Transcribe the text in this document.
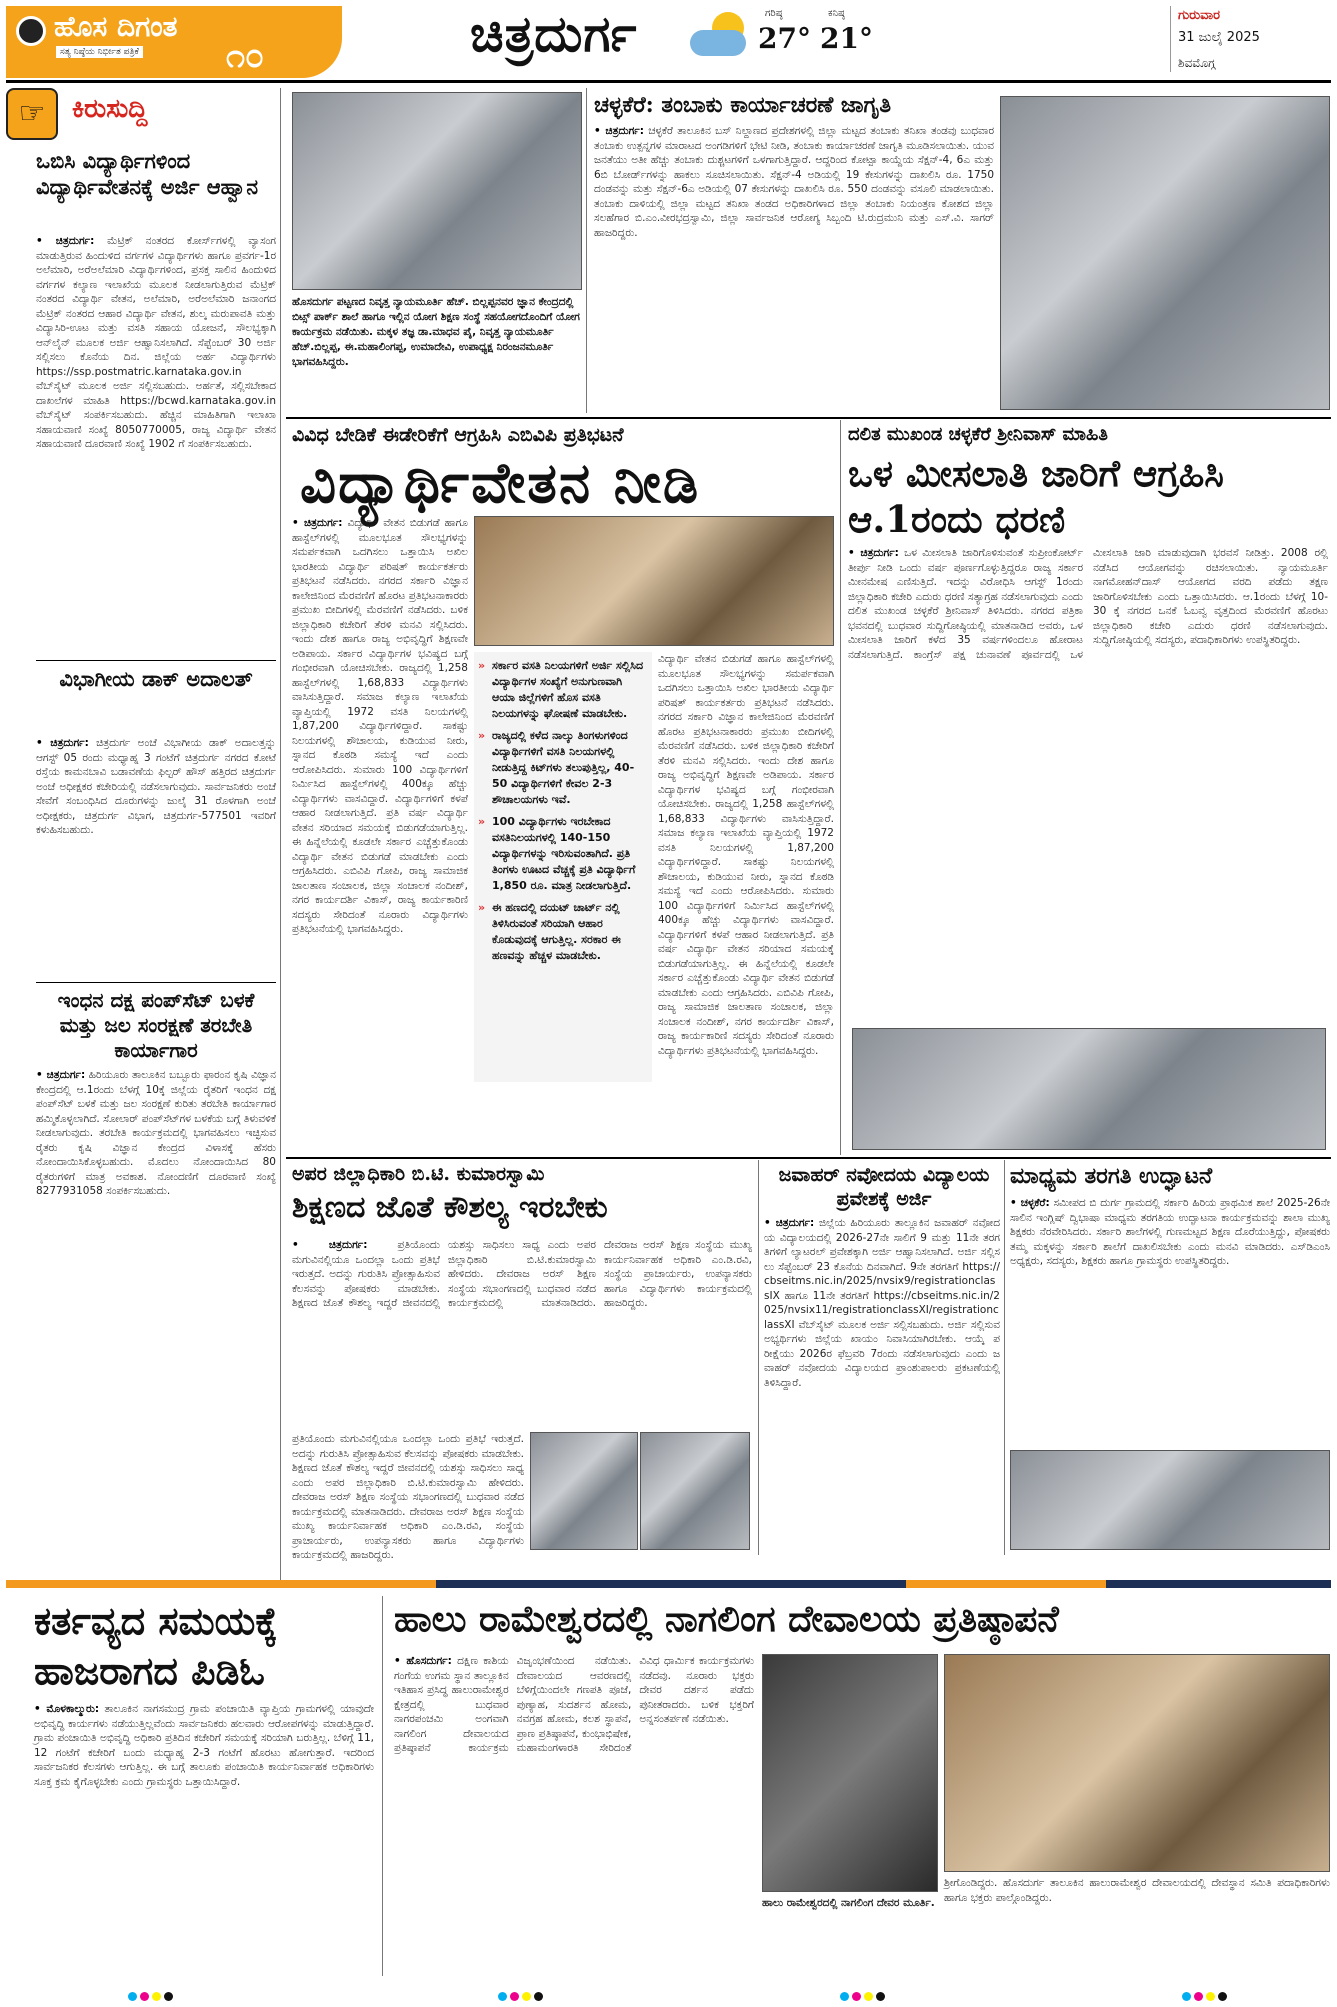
ಹೊಸ ದಿಗಂತ
ಸತ್ಯ ನಿಷ್ಠೆಯ ನಿರ್ಭೀತ ಪತ್ರಿಕೆ	೧೦	ಚಿತ್ರದುರ್ಗ	ಗರಿಷ್ಠ
27°
ಕನಿಷ್ಠ
21°
ಗುರುವಾರ
31 ಜುಲೈ 2025
ಶಿವಮೊಗ್ಗ
☞	ಕಿರುಸುದ್ದಿ
ಒಬಿಸಿ ವಿದ್ಯಾರ್ಥಿಗಳಿಂದ ವಿದ್ಯಾರ್ಥಿವೇತನಕ್ಕೆ ಅರ್ಜಿ ಆಹ್ವಾನ
• ಚಿತ್ರದುರ್ಗ: ಮೆಟ್ರಿಕ್ ನಂತರದ ಕೋರ್ಸ್‌ಗಳಲ್ಲಿ ವ್ಯಾಸಂಗ ಮಾಡುತ್ತಿರುವ ಹಿಂದುಳಿದ ವರ್ಗಗಳ ವಿದ್ಯಾರ್ಥಿಗಳು ಹಾಗೂ ಪ್ರವರ್ಗ-1ರ ಅಲೆಮಾರಿ, ಅರೆಅಲೆಮಾರಿ ವಿದ್ಯಾರ್ಥಿಗಳಿಂದ, ಪ್ರಸಕ್ತ ಸಾಲಿನ ಹಿಂದುಳಿದ ವರ್ಗಗಳ ಕಲ್ಯಾಣ ಇಲಾಖೆಯ ಮೂಲಕ ನೀಡಲಾಗುತ್ತಿರುವ ಮೆಟ್ರಿಕ್ ನಂತರದ ವಿದ್ಯಾರ್ಥಿ ವೇತನ, ಅಲೆಮಾರಿ, ಅರೆಅಲೆಮಾರಿ ಜನಾಂಗದ ಮೆಟ್ರಿಕ್ ನಂತರದ ಆಹಾರ ವಿದ್ಯಾರ್ಥಿ ವೇತನ, ಶುಲ್ಕ ಮರುಪಾವತಿ ಮತ್ತು ವಿದ್ಯಾಸಿರಿ-ಊಟ ಮತ್ತು ವಸತಿ ಸಹಾಯ ಯೋಜನೆ, ಸೌಲಭ್ಯಕ್ಕಾಗಿ ಆನ್‌ಲೈನ್ ಮೂಲಕ ಅರ್ಜಿ ಆಹ್ವಾನಿಸಲಾಗಿದೆ. ಸೆಪ್ಟೆಂಬರ್ 30 ಅರ್ಜಿ ಸಲ್ಲಿಸಲು ಕೊನೆಯ ದಿನ. ಜಿಲ್ಲೆಯ ಅರ್ಹ ವಿದ್ಯಾರ್ಥಿಗಳು https://ssp.postmatric.karnataka.gov.in ವೆಬ್‌ಸೈಟ್ ಮೂಲಕ ಅರ್ಜಿ ಸಲ್ಲಿಸಬಹುದು. ಅರ್ಹತೆ, ಸಲ್ಲಿಸಬೇಕಾದ ದಾಖಲೆಗಳ ಮಾಹಿತಿ https://bcwd.karnataka.gov.in ವೆಬ್‌ಸೈಟ್ ಸಂಪರ್ಕಿಸಬಹುದು. ಹೆಚ್ಚಿನ ಮಾಹಿತಿಗಾಗಿ ಇಲಾಖಾ ಸಹಾಯವಾಣಿ ಸಂಖ್ಯೆ 8050770005, ರಾಜ್ಯ ವಿದ್ಯಾರ್ಥಿ ವೇತನ ಸಹಾಯವಾಣಿ ದೂರವಾಣಿ ಸಂಖ್ಯೆ 1902 ಗೆ ಸಂಪರ್ಕಿಸಬಹುದು.
ವಿಭಾಗೀಯ ಡಾಕ್ ಅದಾಲತ್
• ಚಿತ್ರದುರ್ಗ: ಚಿತ್ರದುರ್ಗ ಅಂಚೆ ವಿಭಾಗೀಯ ಡಾಕ್ ಅದಾಲತ್ತನ್ನು ಆಗಸ್ಟ್ 05 ರಂದು ಮಧ್ಯಾಹ್ನ 3 ಗಂಟೆಗೆ ಚಿತ್ರದುರ್ಗ ನಗರದ ಕೋಟೆ ರಸ್ತೆಯ ಕಾಮನಬಾವಿ ಬಡಾವಣೆಯ ಫಿಲ್ಟರ್ ಹೌಸ್ ಹತ್ತಿರದ ಚಿತ್ರದುರ್ಗ ಅಂಚೆ ಅಧೀಕ್ಷಕರ ಕಚೇರಿಯಲ್ಲಿ ನಡೆಸಲಾಗುವುದು. ಸಾರ್ವಜನಿಕರು ಅಂಚೆ ಸೇವೆಗೆ ಸಂಬಂಧಿಸಿದ ದೂರುಗಳನ್ನು ಜುಲೈ 31 ರೊಳಗಾಗಿ ಅಂಚೆ ಅಧೀಕ್ಷಕರು, ಚಿತ್ರದುರ್ಗ ವಿಭಾಗ, ಚಿತ್ರದುರ್ಗ-577501 ಇವರಿಗೆ ಕಳುಹಿಸಬಹುದು.
ಇಂಧನ ದಕ್ಷ ಪಂಪ್‌ಸೆಟ್ ಬಳಕೆ ಮತ್ತು ಜಲ ಸಂರಕ್ಷಣೆ ತರಬೇತಿ ಕಾರ್ಯಾಗಾರ
• ಚಿತ್ರದುರ್ಗ: ಹಿರಿಯೂರು ತಾಲೂಕಿನ ಬಬ್ಬೂರು ಫಾರಂನ ಕೃಷಿ ವಿಜ್ಞಾನ ಕೇಂದ್ರದಲ್ಲಿ ಆ.1ರಂದು ಬೆಳಗ್ಗೆ 10ಕ್ಕೆ ಜಿಲ್ಲೆಯ ರೈತರಿಗೆ ಇಂಧನ ದಕ್ಷ ಪಂಪ್‌ಸೆಟ್ ಬಳಕೆ ಮತ್ತು ಜಲ ಸಂರಕ್ಷಣೆ ಕುರಿತು ತರಬೇತಿ ಕಾರ್ಯಾಗಾರ ಹಮ್ಮಿಕೊಳ್ಳಲಾಗಿದೆ. ಸೋಲಾರ್ ಪಂಪ್‌ಸೆಟ್‌ಗಳ ಬಳಕೆಯ ಬಗ್ಗೆ ತಿಳುವಳಿಕೆ ನೀಡಲಾಗುವುದು. ತರಬೇತಿ ಕಾರ್ಯಕ್ರಮದಲ್ಲಿ ಭಾಗವಹಿಸಲು ಇಚ್ಛಿಸುವ ರೈತರು ಕೃಷಿ ವಿಜ್ಞಾನ ಕೇಂದ್ರದ ವಿಳಾಸಕ್ಕೆ ಹೆಸರು ನೋಂದಾಯಿಸಿಕೊಳ್ಳಬಹುದು. ಮೊದಲು ನೋಂದಾಯಿಸಿದ 80 ರೈತರುಗಳಿಗೆ ಮಾತ್ರ ಅವಕಾಶ. ನೋಂದಣಿಗೆ ದೂರವಾಣಿ ಸಂಖ್ಯೆ 8277931058 ಸಂಪರ್ಕಿಸಬಹುದು.
ಹೊಸದುರ್ಗ ಪಟ್ಟಣದ ನಿವೃತ್ತ ನ್ಯಾಯಮೂರ್ತಿ ಹೆಚ್. ಬಿಲ್ಲಪ್ಪನವರ ಜ್ಞಾನ ಕೇಂದ್ರದಲ್ಲಿ ಬಿಟ್ಸ್ ಪಾರ್ಕ್ ಶಾಲೆ ಹಾಗೂ ಇಲ್ಲಿನ ಯೋಗ ಶಿಕ್ಷಣ ಸಂಸ್ಥೆ ಸಹಯೋಗದೊಂದಿಗೆ ಯೋಗ ಕಾರ್ಯಕ್ರಮ ನಡೆಯಿತು. ಮಕ್ಕಳ ತಜ್ಞ ಡಾ.ಮಾಧವ ಪೈ, ನಿವೃತ್ತ ನ್ಯಾಯಮೂರ್ತಿ ಹೆಚ್.ಬಿಲ್ಲಪ್ಪ, ಈ.ಮಹಾಲಿಂಗಪ್ಪ, ಉಮಾದೇವಿ, ಉಪಾಧ್ಯಕ್ಷ ನಿರಂಜನಮೂರ್ತಿ ಭಾಗವಹಿಸಿದ್ದರು.
ಚಳ್ಳಕೆರೆ: ತಂಬಾಕು ಕಾರ್ಯಾಚರಣೆ ಜಾಗೃತಿ
• ಚಿತ್ರದುರ್ಗ: ಚಳ್ಳಕೆರೆ ತಾಲೂಕಿನ ಬಸ್ ನಿಲ್ದಾಣದ ಪ್ರದೇಶಗಳಲ್ಲಿ ಜಿಲ್ಲಾ ಮಟ್ಟದ ತಂಬಾಕು ತನಿಖಾ ತಂಡವು ಬುಧವಾರ ತಂಬಾಕು ಉತ್ಪನ್ನಗಳ ಮಾರಾಟದ ಅಂಗಡಿಗಳಿಗೆ ಭೇಟಿ ನೀಡಿ, ತಂಬಾಕು ಕಾರ್ಯಾಚರಣೆ ಜಾಗೃತಿ ಮೂಡಿಸಲಾಯಿತು. ಯುವ ಜನತೆಯು ಅತೀ ಹೆಚ್ಚು ತಂಬಾಕು ದುಶ್ಚಟಗಳಿಗೆ ಒಳಗಾಗುತ್ತಿದ್ದಾರೆ. ಆದ್ದರಿಂದ ಕೋಟ್ಪಾ ಕಾಯ್ದೆಯ ಸೆಕ್ಷನ್-4, 6ಎ ಮತ್ತು 6ಬಿ ಬೋರ್ಡ್‌ಗಳನ್ನು ಹಾಕಲು ಸೂಚಿಸಲಾಯಿತು. ಸೆಕ್ಷನ್-4 ಅಡಿಯಲ್ಲಿ 19 ಕೇಸುಗಳನ್ನು ದಾಖಲಿಸಿ ರೂ. 1750 ದಂಡವನ್ನು ಮತ್ತು ಸೆಕ್ಷನ್-6ಎ ಅಡಿಯಲ್ಲಿ 07 ಕೇಸುಗಳನ್ನು ದಾಖಲಿಸಿ ರೂ. 550 ದಂಡವನ್ನು ವಸೂಲಿ ಮಾಡಲಾಯಿತು. ತಂಬಾಕು ದಾಳಿಯಲ್ಲಿ ಜಿಲ್ಲಾ ಮಟ್ಟದ ತನಿಖಾ ತಂಡದ ಅಧಿಕಾರಿಗಳಾದ ಜಿಲ್ಲಾ ತಂಬಾಕು ನಿಯಂತ್ರಣ ಕೋಶದ ಜಿಲ್ಲಾ ಸಲಹೆಗಾರ ಬಿ.ಎಂ.ವೀರಭದ್ರಸ್ವಾಮಿ, ಜಿಲ್ಲಾ ಸಾರ್ವಜನಿಕ ಆರೋಗ್ಯ ಸಿಬ್ಬಂದಿ ಟಿ.ರುದ್ರಮುನಿ ಮತ್ತು ಎಸ್.ವಿ. ಸಾಗರ್ ಹಾಜರಿದ್ದರು.
ವಿವಿಧ ಬೇಡಿಕೆ ಈಡೇರಿಕೆಗೆ ಆಗ್ರಹಿಸಿ ಎಬಿವಿಪಿ ಪ್ರತಿಭಟನೆ
ವಿದ್ಯಾರ್ಥಿವೇತನ ನೀಡಿ
• ಚಿತ್ರದುರ್ಗ: ವಿದ್ಯಾರ್ಥಿ ವೇತನ ಬಿಡುಗಡೆ ಹಾಗೂ ಹಾಸ್ಟೆಲ್‌ಗಳಲ್ಲಿ ಮೂಲಭೂತ ಸೌಲಭ್ಯಗಳನ್ನು ಸಮರ್ಪಕವಾಗಿ ಒದಗಿಸಲು ಒತ್ತಾಯಿಸಿ ಅಖಿಲ ಭಾರತೀಯ ವಿದ್ಯಾರ್ಥಿ ಪರಿಷತ್ ಕಾರ್ಯಕರ್ತರು ಪ್ರತಿಭಟನೆ ನಡೆಸಿದರು. ನಗರದ ಸರ್ಕಾರಿ ವಿಜ್ಞಾನ ಕಾಲೇಜಿನಿಂದ ಮೆರವಣಿಗೆ ಹೊರಟ ಪ್ರತಿಭಟನಾಕಾರರು ಪ್ರಮುಖ ಬೀದಿಗಳಲ್ಲಿ ಮೆರವಣಿಗೆ ನಡೆಸಿದರು. ಬಳಿಕ ಜಿಲ್ಲಾಧಿಕಾರಿ ಕಚೇರಿಗೆ ತೆರಳಿ ಮನವಿ ಸಲ್ಲಿಸಿದರು. ಇಂದು ದೇಶ ಹಾಗೂ ರಾಜ್ಯ ಅಭಿವೃದ್ಧಿಗೆ ಶಿಕ್ಷಣವೇ ಅಡಿಪಾಯ. ಸರ್ಕಾರ ವಿದ್ಯಾರ್ಥಿಗಳ ಭವಿಷ್ಯದ ಬಗ್ಗೆ ಗಂಭೀರವಾಗಿ ಯೋಚಿಸಬೇಕು. ರಾಜ್ಯದಲ್ಲಿ 1,258 ಹಾಸ್ಟೆಲ್‌ಗಳಲ್ಲಿ 1,68,833 ವಿದ್ಯಾರ್ಥಿಗಳು ವಾಸಿಸುತ್ತಿದ್ದಾರೆ. ಸಮಾಜ ಕಲ್ಯಾಣ ಇಲಾಖೆಯ ವ್ಯಾಪ್ತಿಯಲ್ಲಿ 1972 ವಸತಿ ನಿಲಯಗಳಲ್ಲಿ 1,87,200 ವಿದ್ಯಾರ್ಥಿಗಳಿದ್ದಾರೆ. ಸಾಕಷ್ಟು ನಿಲಯಗಳಲ್ಲಿ ಶೌಚಾಲಯ, ಕುಡಿಯುವ ನೀರು, ಸ್ನಾನದ ಕೊಠಡಿ ಸಮಸ್ಯೆ ಇದೆ ಎಂದು ಆರೋಪಿಸಿದರು. ಸುಮಾರು 100 ವಿದ್ಯಾರ್ಥಿಗಳಿಗೆ ನಿರ್ಮಿಸಿದ ಹಾಸ್ಟೆಲ್‌ಗಳಲ್ಲಿ 400ಕ್ಕೂ ಹೆಚ್ಚು ವಿದ್ಯಾರ್ಥಿಗಳು ವಾಸವಿದ್ದಾರೆ. ವಿದ್ಯಾರ್ಥಿಗಳಿಗೆ ಕಳಪೆ ಆಹಾರ ನೀಡಲಾಗುತ್ತಿದೆ. ಪ್ರತಿ ವರ್ಷ ವಿದ್ಯಾರ್ಥಿ ವೇತನ ಸರಿಯಾದ ಸಮಯಕ್ಕೆ ಬಿಡುಗಡೆಯಾಗುತ್ತಿಲ್ಲ. ಈ ಹಿನ್ನೆಲೆಯಲ್ಲಿ ಕೂಡಲೇ ಸರ್ಕಾರ ಎಚ್ಚೆತ್ತುಕೊಂಡು ವಿದ್ಯಾರ್ಥಿ ವೇತನ ಬಿಡುಗಡೆ ಮಾಡಬೇಕು ಎಂದು ಆಗ್ರಹಿಸಿದರು. ಎಬಿವಿಪಿ ಗೋಪಿ, ರಾಜ್ಯ ಸಾಮಾಜಿಕ ಜಾಲತಾಣ ಸಂಚಾಲಕ, ಜಿಲ್ಲಾ ಸಂಚಾಲಕ ನಂದೀಶ್, ನಗರ ಕಾರ್ಯದರ್ಶಿ ವಿಕಾಸ್, ರಾಜ್ಯ ಕಾರ್ಯಕಾರಿಣಿ ಸದಸ್ಯರು ಸೇರಿದಂತೆ ನೂರಾರು ವಿದ್ಯಾರ್ಥಿಗಳು ಪ್ರತಿಭಟನೆಯಲ್ಲಿ ಭಾಗವಹಿಸಿದ್ದರು.
» ಸರ್ಕಾರ ವಸತಿ ನಿಲಯಗಳಿಗೆ ಅರ್ಜಿ ಸಲ್ಲಿಸಿದ ವಿದ್ಯಾರ್ಥಿಗಳ ಸಂಖ್ಯೆಗೆ ಅನುಗುಣವಾಗಿ ಆಯಾ ಜಿಲ್ಲೆಗಳಿಗೆ ಹೊಸ ವಸತಿ ನಿಲಯಗಳನ್ನು ಘೋಷಣೆ ಮಾಡಬೇಕು.
» ರಾಜ್ಯದಲ್ಲಿ ಕಳೆದ ನಾಲ್ಕು ತಿಂಗಳುಗಳಿಂದ ವಿದ್ಯಾರ್ಥಿಗಳಿಗೆ ವಸತಿ ನಿಲಯಗಳಲ್ಲಿ ನೀಡುತ್ತಿದ್ದ ಕಿಟ್‌ಗಳು ತಲುಪುತ್ತಿಲ್ಲ, 40-50 ವಿದ್ಯಾರ್ಥಿಗಳಿಗೆ ಕೇವಲ 2-3 ಶೌಚಾಲಯಗಳು ಇವೆ.
» 100 ವಿದ್ಯಾರ್ಥಿಗಳು ಇರಬೇಕಾದ ವಸತಿನಿಲಯಗಳಲ್ಲಿ 140-150 ವಿದ್ಯಾರ್ಥಿಗಳನ್ನು ಇರಿಸುವಂತಾಗಿದೆ. ಪ್ರತಿ ತಿಂಗಳು ಊಟದ ವೆಚ್ಚಕ್ಕೆ ಪ್ರತಿ ವಿದ್ಯಾರ್ಥಿಗೆ 1,850 ರೂ. ಮಾತ್ರ ನೀಡಲಾಗುತ್ತಿದೆ.
» ಈ ಹಣದಲ್ಲಿ ದಯಟ್ ಚಾರ್ಟ್ ನಲ್ಲಿ ತಿಳಿಸಿರುವಂತೆ ಸರಿಯಾಗಿ ಆಹಾರ ಕೊಡುವುದಕ್ಕೆ ಆಗುತ್ತಿಲ್ಲ. ಸರಕಾರ ಈ ಹಣವನ್ನು ಹೆಚ್ಚಳ ಮಾಡಬೇಕು.
ವಿದ್ಯಾರ್ಥಿ ವೇತನ ಬಿಡುಗಡೆ ಹಾಗೂ ಹಾಸ್ಟೆಲ್‌ಗಳಲ್ಲಿ ಮೂಲಭೂತ ಸೌಲಭ್ಯಗಳನ್ನು ಸಮರ್ಪಕವಾಗಿ ಒದಗಿಸಲು ಒತ್ತಾಯಿಸಿ ಅಖಿಲ ಭಾರತೀಯ ವಿದ್ಯಾರ್ಥಿ ಪರಿಷತ್ ಕಾರ್ಯಕರ್ತರು ಪ್ರತಿಭಟನೆ ನಡೆಸಿದರು. ನಗರದ ಸರ್ಕಾರಿ ವಿಜ್ಞಾನ ಕಾಲೇಜಿನಿಂದ ಮೆರವಣಿಗೆ ಹೊರಟ ಪ್ರತಿಭಟನಾಕಾರರು ಪ್ರಮುಖ ಬೀದಿಗಳಲ್ಲಿ ಮೆರವಣಿಗೆ ನಡೆಸಿದರು. ಬಳಿಕ ಜಿಲ್ಲಾಧಿಕಾರಿ ಕಚೇರಿಗೆ ತೆರಳಿ ಮನವಿ ಸಲ್ಲಿಸಿದರು. ಇಂದು ದೇಶ ಹಾಗೂ ರಾಜ್ಯ ಅಭಿವೃದ್ಧಿಗೆ ಶಿಕ್ಷಣವೇ ಅಡಿಪಾಯ. ಸರ್ಕಾರ ವಿದ್ಯಾರ್ಥಿಗಳ ಭವಿಷ್ಯದ ಬಗ್ಗೆ ಗಂಭೀರವಾಗಿ ಯೋಚಿಸಬೇಕು. ರಾಜ್ಯದಲ್ಲಿ 1,258 ಹಾಸ್ಟೆಲ್‌ಗಳಲ್ಲಿ 1,68,833 ವಿದ್ಯಾರ್ಥಿಗಳು ವಾಸಿಸುತ್ತಿದ್ದಾರೆ. ಸಮಾಜ ಕಲ್ಯಾಣ ಇಲಾಖೆಯ ವ್ಯಾಪ್ತಿಯಲ್ಲಿ 1972 ವಸತಿ ನಿಲಯಗಳಲ್ಲಿ 1,87,200 ವಿದ್ಯಾರ್ಥಿಗಳಿದ್ದಾರೆ. ಸಾಕಷ್ಟು ನಿಲಯಗಳಲ್ಲಿ ಶೌಚಾಲಯ, ಕುಡಿಯುವ ನೀರು, ಸ್ನಾನದ ಕೊಠಡಿ ಸಮಸ್ಯೆ ಇದೆ ಎಂದು ಆರೋಪಿಸಿದರು. ಸುಮಾರು 100 ವಿದ್ಯಾರ್ಥಿಗಳಿಗೆ ನಿರ್ಮಿಸಿದ ಹಾಸ್ಟೆಲ್‌ಗಳಲ್ಲಿ 400ಕ್ಕೂ ಹೆಚ್ಚು ವಿದ್ಯಾರ್ಥಿಗಳು ವಾಸವಿದ್ದಾರೆ. ವಿದ್ಯಾರ್ಥಿಗಳಿಗೆ ಕಳಪೆ ಆಹಾರ ನೀಡಲಾಗುತ್ತಿದೆ. ಪ್ರತಿ ವರ್ಷ ವಿದ್ಯಾರ್ಥಿ ವೇತನ ಸರಿಯಾದ ಸಮಯಕ್ಕೆ ಬಿಡುಗಡೆಯಾಗುತ್ತಿಲ್ಲ. ಈ ಹಿನ್ನೆಲೆಯಲ್ಲಿ ಕೂಡಲೇ ಸರ್ಕಾರ ಎಚ್ಚೆತ್ತುಕೊಂಡು ವಿದ್ಯಾರ್ಥಿ ವೇತನ ಬಿಡುಗಡೆ ಮಾಡಬೇಕು ಎಂದು ಆಗ್ರಹಿಸಿದರು. ಎಬಿವಿಪಿ ಗೋಪಿ, ರಾಜ್ಯ ಸಾಮಾಜಿಕ ಜಾಲತಾಣ ಸಂಚಾಲಕ, ಜಿಲ್ಲಾ ಸಂಚಾಲಕ ನಂದೀಶ್, ನಗರ ಕಾರ್ಯದರ್ಶಿ ವಿಕಾಸ್, ರಾಜ್ಯ ಕಾರ್ಯಕಾರಿಣಿ ಸದಸ್ಯರು ಸೇರಿದಂತೆ ನೂರಾರು ವಿದ್ಯಾರ್ಥಿಗಳು ಪ್ರತಿಭಟನೆಯಲ್ಲಿ ಭಾಗವಹಿಸಿದ್ದರು.
ದಲಿತ ಮುಖಂಡ ಚಳ್ಳಕೆರೆ ಶ್ರೀನಿವಾಸ್ ಮಾಹಿತಿ
ಒಳ ಮೀಸಲಾತಿ ಜಾರಿಗೆ ಆಗ್ರಹಿಸಿ ಆ.1ರಂದು ಧರಣಿ
• ಚಿತ್ರದುರ್ಗ: ಒಳ ಮೀಸಲಾತಿ ಜಾರಿಗೊಳಿಸುವಂತೆ ಸುಪ್ರೀಂಕೋರ್ಟ್ ತೀರ್ಪು ನೀಡಿ ಒಂದು ವರ್ಷ ಪೂರ್ಣಗೊಳ್ಳುತ್ತಿದ್ದರೂ ರಾಜ್ಯ ಸರ್ಕಾರ ಮೀನಮೇಷ ಎಣಿಸುತ್ತಿದೆ. ಇದನ್ನು ವಿರೋಧಿಸಿ ಆಗಸ್ಟ್ 1ರಂದು ಜಿಲ್ಲಾಧಿಕಾರಿ ಕಚೇರಿ ಎದುರು ಧರಣಿ ಸತ್ಯಾಗ್ರಹ ನಡೆಸಲಾಗುವುದು ಎಂದು ದಲಿತ ಮುಖಂಡ ಚಳ್ಳಕೆರೆ ಶ್ರೀನಿವಾಸ್ ತಿಳಿಸಿದರು. ನಗರದ ಪತ್ರಿಕಾ ಭವನದಲ್ಲಿ ಬುಧವಾರ ಸುದ್ದಿಗೋಷ್ಠಿಯಲ್ಲಿ ಮಾತನಾಡಿದ ಅವರು, ಒಳ ಮೀಸಲಾತಿ ಜಾರಿಗೆ ಕಳೆದ 35 ವರ್ಷಗಳಿಂದಲೂ ಹೋರಾಟ ನಡೆಸಲಾಗುತ್ತಿದೆ. ಕಾಂಗ್ರೆಸ್ ಪಕ್ಷ ಚುನಾವಣೆ ಪೂರ್ವದಲ್ಲಿ ಒಳ ಮೀಸಲಾತಿ ಜಾರಿ ಮಾಡುವುದಾಗಿ ಭರವಸೆ ನೀಡಿತ್ತು. 2008 ರಲ್ಲಿ ನಡೆಸಿದ ಆಯೋಗವನ್ನು ರಚಿಸಲಾಯಿತು. ನ್ಯಾಯಮೂರ್ತಿ ನಾಗಮೋಹನ್‌ದಾಸ್ ಆಯೋಗದ ವರದಿ ಪಡೆದು ತಕ್ಷಣ ಜಾರಿಗೊಳಿಸಬೇಕು ಎಂದು ಒತ್ತಾಯಿಸಿದರು. ಆ.1ರಂದು ಬೆಳಗ್ಗೆ 10-30 ಕ್ಕೆ ನಗರದ ಒನಕೆ ಓಬವ್ವ ವೃತ್ತದಿಂದ ಮೆರವಣಿಗೆ ಹೊರಟು ಜಿಲ್ಲಾಧಿಕಾರಿ ಕಚೇರಿ ಎದುರು ಧರಣಿ ನಡೆಸಲಾಗುವುದು. ಸುದ್ದಿಗೋಷ್ಠಿಯಲ್ಲಿ ಸದಸ್ಯರು, ಪದಾಧಿಕಾರಿಗಳು ಉಪಸ್ಥಿತರಿದ್ದರು.
ಅಪರ ಜಿಲ್ಲಾಧಿಕಾರಿ ಬಿ.ಟಿ. ಕುಮಾರಸ್ವಾಮಿ
ಶಿಕ್ಷಣದ ಜೊತೆ ಕೌಶಲ್ಯ ಇರಬೇಕು
• ಚಿತ್ರದುರ್ಗ:	ಪ್ರತಿಯೊಂದು ಮಗುವಿನಲ್ಲಿಯೂ ಒಂದಲ್ಲಾ ಒಂದು ಪ್ರತಿಭೆ ಇರುತ್ತದೆ. ಅದನ್ನು ಗುರುತಿಸಿ ಪ್ರೋತ್ಸಾಹಿಸುವ ಕೆಲಸವನ್ನು ಪೋಷಕರು ಮಾಡಬೇಕು. ಶಿಕ್ಷಣದ ಜೊತೆ ಕೌಶಲ್ಯ ಇದ್ದರೆ ಜೀವನದಲ್ಲಿ ಯಶಸ್ಸು ಸಾಧಿಸಲು ಸಾಧ್ಯ ಎಂದು ಅಪರ ಜಿಲ್ಲಾಧಿಕಾರಿ ಬಿ.ಟಿ.ಕುಮಾರಸ್ವಾಮಿ ಹೇಳಿದರು. ದೇವರಾಜ ಅರಸ್ ಶಿಕ್ಷಣ ಸಂಸ್ಥೆಯ ಸಭಾಂಗಣದಲ್ಲಿ ಬುಧವಾರ ನಡೆದ ಕಾರ್ಯಕ್ರಮದಲ್ಲಿ ಮಾತನಾಡಿದರು. ದೇವರಾಜ ಅರಸ್ ಶಿಕ್ಷಣ ಸಂಸ್ಥೆಯ ಮುಖ್ಯ ಕಾರ್ಯನಿರ್ವಾಹಕ ಅಧಿಕಾರಿ ಎಂ.ಡಿ.ರವಿ, ಸಂಸ್ಥೆಯ ಪ್ರಾಚಾರ್ಯರು, ಉಪನ್ಯಾಸಕರು ಹಾಗೂ ವಿದ್ಯಾರ್ಥಿಗಳು ಕಾರ್ಯಕ್ರಮದಲ್ಲಿ ಹಾಜರಿದ್ದರು.
ಪ್ರತಿಯೊಂದು ಮಗುವಿನಲ್ಲಿಯೂ ಒಂದಲ್ಲಾ ಒಂದು ಪ್ರತಿಭೆ ಇರುತ್ತದೆ. ಅದನ್ನು ಗುರುತಿಸಿ ಪ್ರೋತ್ಸಾಹಿಸುವ ಕೆಲಸವನ್ನು ಪೋಷಕರು ಮಾಡಬೇಕು. ಶಿಕ್ಷಣದ ಜೊತೆ ಕೌಶಲ್ಯ ಇದ್ದರೆ ಜೀವನದಲ್ಲಿ ಯಶಸ್ಸು ಸಾಧಿಸಲು ಸಾಧ್ಯ ಎಂದು ಅಪರ ಜಿಲ್ಲಾಧಿಕಾರಿ ಬಿ.ಟಿ.ಕುಮಾರಸ್ವಾಮಿ ಹೇಳಿದರು. ದೇವರಾಜ ಅರಸ್ ಶಿಕ್ಷಣ ಸಂಸ್ಥೆಯ ಸಭಾಂಗಣದಲ್ಲಿ ಬುಧವಾರ ನಡೆದ ಕಾರ್ಯಕ್ರಮದಲ್ಲಿ ಮಾತನಾಡಿದರು. ದೇವರಾಜ ಅರಸ್ ಶಿಕ್ಷಣ ಸಂಸ್ಥೆಯ ಮುಖ್ಯ ಕಾರ್ಯನಿರ್ವಾಹಕ ಅಧಿಕಾರಿ ಎಂ.ಡಿ.ರವಿ, ಸಂಸ್ಥೆಯ ಪ್ರಾಚಾರ್ಯರು, ಉಪನ್ಯಾಸಕರು ಹಾಗೂ ವಿದ್ಯಾರ್ಥಿಗಳು ಕಾರ್ಯಕ್ರಮದಲ್ಲಿ ಹಾಜರಿದ್ದರು.
ಜವಾಹರ್ ನವೋದಯ ವಿದ್ಯಾಲಯ ಪ್ರವೇಶಕ್ಕೆ ಅರ್ಜಿ
• ಚಿತ್ರದುರ್ಗ: ಜಿಲ್ಲೆಯ ಹಿರಿಯೂರು ತಾಲ್ಲೂಕಿನ ಜವಾಹರ್ ನವೋದಯ ವಿದ್ಯಾಲಯದಲ್ಲಿ 2026-27ನೇ ಸಾಲಿಗೆ 9 ಮತ್ತು 11ನೇ ತರಗತಿಗಳಿಗೆ ಲ್ಯಾಟರಲ್ ಪ್ರವೇಶಕ್ಕಾಗಿ ಅರ್ಜಿ ಆಹ್ವಾನಿಸಲಾಗಿದೆ. ಅರ್ಜಿ ಸಲ್ಲಿಸಲು ಸೆಪ್ಟೆಂಬರ್ 23 ಕೊನೆಯ ದಿನವಾಗಿದೆ. 9ನೇ ತರಗತಿಗೆ https://cbseitms.nic.in/2025/nvsix9/registrationclassIX ಹಾಗೂ 11ನೇ ತರಗತಿಗೆ https://cbseitms.nic.in/2025/nvsix11/registrationclassXI/registrationclassXI ವೆಬ್‌ಸೈಟ್ ಮೂಲಕ ಅರ್ಜಿ ಸಲ್ಲಿಸಬಹುದು. ಅರ್ಜಿ ಸಲ್ಲಿಸುವ ಅಭ್ಯರ್ಥಿಗಳು ಜಿಲ್ಲೆಯ ಖಾಯಂ ನಿವಾಸಿಯಾಗಿರಬೇಕು. ಆಯ್ಕೆ ಪರೀಕ್ಷೆಯು 2026ರ ಫೆಬ್ರವರಿ 7ರಂದು ನಡೆಸಲಾಗುವುದು ಎಂದು ಜವಾಹರ್ ನವೋದಯ ವಿದ್ಯಾಲಯದ ಪ್ರಾಂಶುಪಾಲರು ಪ್ರಕಟಣೆಯಲ್ಲಿ ತಿಳಿಸಿದ್ದಾರೆ.
ಮಾಧ್ಯಮ ತರಗತಿ ಉದ್ಘಾಟನೆ
• ಚಳ್ಳಕೆರೆ: ಸಮೀಪದ ಬಿ ದುರ್ಗ ಗ್ರಾಮದಲ್ಲಿ ಸರ್ಕಾರಿ ಹಿರಿಯ ಪ್ರಾಥಮಿಕ ಶಾಲೆ 2025-26ನೇ ಸಾಲಿನ ಇಂಗ್ಲಿಷ್ ದ್ವಿಭಾಷಾ ಮಾಧ್ಯಮ ತರಗತಿಯ ಉದ್ಘಾಟನಾ ಕಾರ್ಯಕ್ರಮವನ್ನು ಶಾಲಾ ಮುಖ್ಯ ಶಿಕ್ಷಕರು ನೆರವೇರಿಸಿದರು. ಸರ್ಕಾರಿ ಶಾಲೆಗಳಲ್ಲಿ ಗುಣಮಟ್ಟದ ಶಿಕ್ಷಣ ದೊರೆಯುತ್ತಿದ್ದು, ಪೋಷಕರು ತಮ್ಮ ಮಕ್ಕಳನ್ನು ಸರ್ಕಾರಿ ಶಾಲೆಗೆ ದಾಖಲಿಸಬೇಕು ಎಂದು ಮನವಿ ಮಾಡಿದರು. ಎಸ್‌ಡಿಎಂಸಿ ಅಧ್ಯಕ್ಷರು, ಸದಸ್ಯರು, ಶಿಕ್ಷಕರು ಹಾಗೂ ಗ್ರಾಮಸ್ಥರು ಉಪಸ್ಥಿತರಿದ್ದರು.
ಕರ್ತವ್ಯದ ಸಮಯಕ್ಕೆ ಹಾಜರಾಗದ ಪಿಡಿಓ
• ಮೊಳಕಾಲ್ಮುರು: ತಾಲೂಕಿನ ನಾಗಸಮುದ್ರ ಗ್ರಾಮ ಪಂಚಾಯಿತಿ ವ್ಯಾಪ್ತಿಯ ಗ್ರಾಮಗಳಲ್ಲಿ ಯಾವುದೇ ಅಭಿವೃದ್ಧಿ ಕಾರ್ಯಗಳು ನಡೆಯುತ್ತಿಲ್ಲವೆಂದು ಸಾರ್ವಜನಿಕರು ಹಲವಾರು ಆರೋಪಗಳನ್ನು ಮಾಡುತ್ತಿದ್ದಾರೆ. ಗ್ರಾಮ ಪಂಚಾಯಿತಿ ಅಭಿವೃದ್ಧಿ ಅಧಿಕಾರಿ ಪ್ರತಿದಿನ ಕಚೇರಿಗೆ ಸಮಯಕ್ಕೆ ಸರಿಯಾಗಿ ಬರುತ್ತಿಲ್ಲ. ಬೆಳಿಗ್ಗೆ 11, 12 ಗಂಟೆಗೆ ಕಚೇರಿಗೆ ಬಂದು ಮಧ್ಯಾಹ್ನ 2-3 ಗಂಟೆಗೆ ಹೊರಟು ಹೋಗುತ್ತಾರೆ. ಇದರಿಂದ ಸಾರ್ವಜನಿಕರ ಕೆಲಸಗಳು ಆಗುತ್ತಿಲ್ಲ. ಈ ಬಗ್ಗೆ ತಾಲೂಕು ಪಂಚಾಯಿತಿ ಕಾರ್ಯನಿರ್ವಾಹಕ ಅಧಿಕಾರಿಗಳು ಸೂಕ್ತ ಕ್ರಮ ಕೈಗೊಳ್ಳಬೇಕು ಎಂದು ಗ್ರಾಮಸ್ಥರು ಒತ್ತಾಯಿಸಿದ್ದಾರೆ.
ಹಾಲು ರಾಮೇಶ್ವರದಲ್ಲಿ ನಾಗಲಿಂಗ ದೇವಾಲಯ ಪ್ರತಿಷ್ಠಾಪನೆ
• ಹೊಸದುರ್ಗ: ದಕ್ಷಿಣ ಕಾಶಿಯ ಗಂಗೆಯ ಉಗಮ ಸ್ಥಾನ ತಾಲ್ಲೂಕಿನ ಇತಿಹಾಸ ಪ್ರಸಿದ್ಧ ಹಾಲುರಾಮೇಶ್ವರ ಕ್ಷೇತ್ರದಲ್ಲಿ ಬುಧವಾರ ನಾಗರಪಂಚಮಿ ಅಂಗವಾಗಿ ನಾಗಲಿಂಗ ದೇವಾಲಯದ ಪ್ರತಿಷ್ಠಾಪನೆ ಕಾರ್ಯಕ್ರಮ ವಿಜೃಂಭಣೆಯಿಂದ ನಡೆಯಿತು. ದೇವಾಲಯದ ಆವರಣದಲ್ಲಿ ಬೆಳಿಗ್ಗೆಯಿಂದಲೇ ಗಣಪತಿ ಪೂಜೆ, ಪುಣ್ಯಾಹ, ಸುದರ್ಶನ ಹೋಮ, ನವಗ್ರಹ ಹೋಮ, ಕಲಶ ಸ್ಥಾಪನೆ, ಪ್ರಾಣ ಪ್ರತಿಷ್ಠಾಪನೆ, ಕುಂಭಾಭಿಷೇಕ, ಮಹಾಮಂಗಳಾರತಿ ಸೇರಿದಂತೆ ವಿವಿಧ ಧಾರ್ಮಿಕ ಕಾರ್ಯಕ್ರಮಗಳು ನಡೆದವು. ನೂರಾರು ಭಕ್ತರು ದೇವರ ದರ್ಶನ ಪಡೆದು ಪುನೀತರಾದರು. ಬಳಿಕ ಭಕ್ತರಿಗೆ ಅನ್ನಸಂತರ್ಪಣೆ ನಡೆಯಿತು.
ಹಾಲು ರಾಮೇಶ್ವರದಲ್ಲಿ ನಾಗಲಿಂಗ ದೇವರ ಮೂರ್ತಿ.
ಶ್ರೀಗೊಂಡಿದ್ದರು. ಹೊಸದುರ್ಗ ತಾಲೂಕಿನ ಹಾಲುರಾಮೇಶ್ವರ ದೇವಾಲಯದಲ್ಲಿ ದೇವಸ್ಥಾನ ಸಮಿತಿ ಪದಾಧಿಕಾರಿಗಳು ಹಾಗೂ ಭಕ್ತರು ಪಾಲ್ಗೊಂಡಿದ್ದರು.
